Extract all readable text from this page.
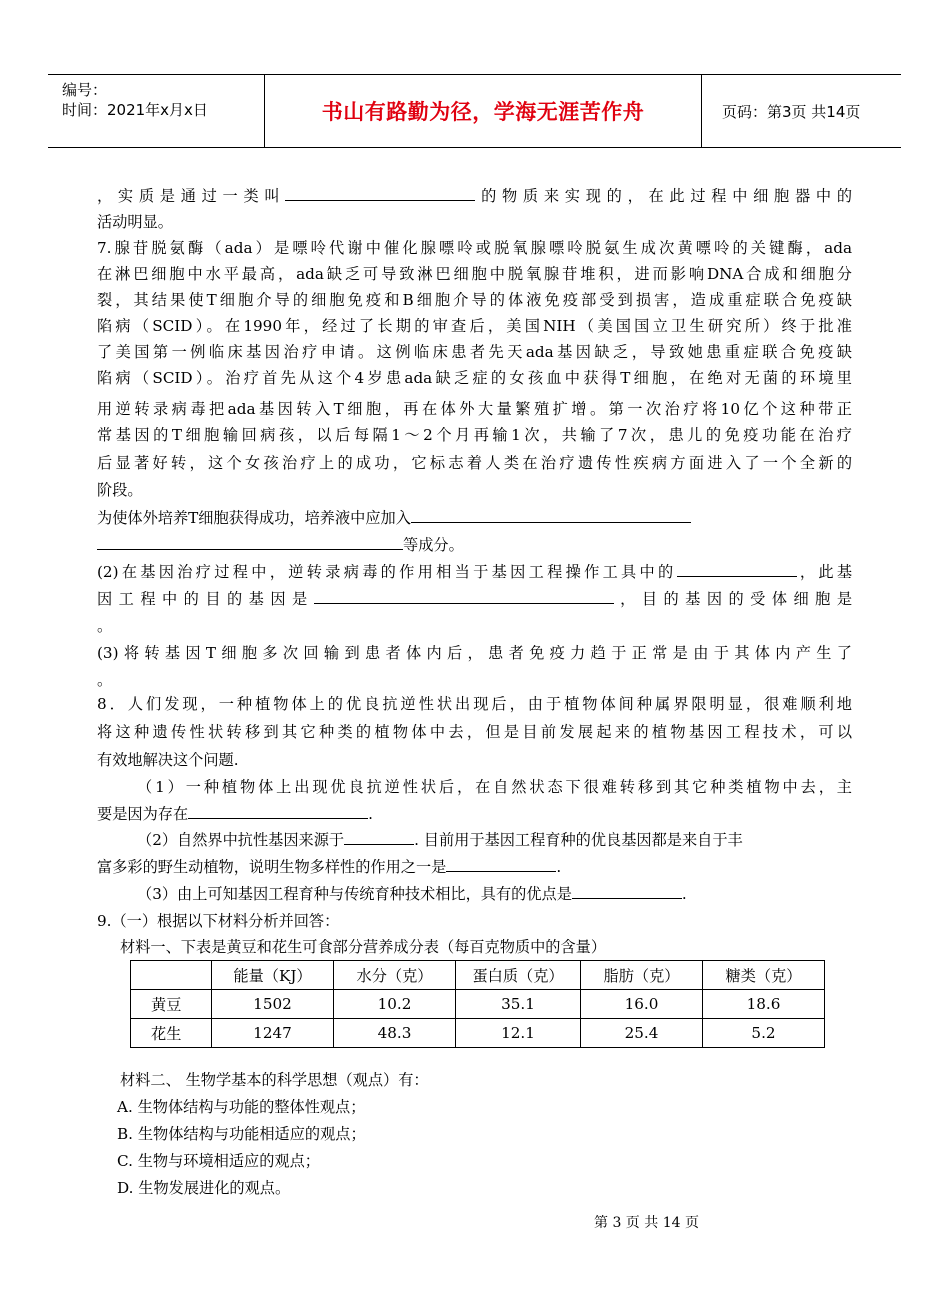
编号：
时间：2021年x月x日	书山有路勤为径，学海无涯苦作舟	页码：第3页 共14页
，实质是通过一类叫	的物质来实现的，在此过程中细胞器中的
活动明显。
7.腺苷脱氨酶（ada）是嘌呤代谢中催化腺嘌呤或脱氧腺嘌呤脱氨生成次黄嘌呤的关键酶，ada
在淋巴细胞中水平最高，ada缺乏可导致淋巴细胞中脱氧腺苷堆积，进而影响DNA合成和细胞分
裂，其结果使T细胞介导的细胞免疫和B细胞介导的体液免疫部受到损害，造成重症联合免疫缺
陷病（SCID）。在1990年，经过了长期的审查后，美国NIH（美国国立卫生研究所）终于批准
了美国第一例临床基因治疗申请。这例临床患者先天ada基因缺乏，导致她患重症联合免疫缺
陷病（SCID）。治疗首先从这个4岁患ada缺乏症的女孩血中获得T细胞，在绝对无菌的环境里
用逆转录病毒把ada基因转入T细胞，再在体外大量繁殖扩增。第一次治疗将10亿个这种带正
常基因的T细胞输回病孩，以后每隔1～2个月再输1次，共输了7次，患儿的免疫功能在治疗
后显著好转，这个女孩治疗上的成功，它标志着人类在治疗遗传性疾病方面进入了一个全新的
阶段。
为使体外培养T细胞获得成功，培养液中应加入
等成分。
(2)在基因治疗过程中，逆转录病毒的作用相当于基因工程操作工具中的	，此基
因工程中的目的基因是	，目的基因的受体细胞是
。
(3)将转基因T细胞多次回输到患者体内后，患者免疫力趋于正常是由于其体内产生了
。
8．人们发现，一种植物体上的优良抗逆性状出现后，由于植物体间种属界限明显，很难顺利地
将这种遗传性状转移到其它种类的植物体中去，但是目前发展起来的植物基因工程技术，可以
有效地解决这个问题.
（1）一种植物体上出现优良抗逆性状后，在自然状态下很难转移到其它种类植物中去，主
要是因为存在	.
（2）自然界中抗性基因来源于	. 目前用于基因工程育种的优良基因都是来自于丰
富多彩的野生动植物，说明生物多样性的作用之一是	.
（3）由上可知基因工程育种与传统育种技术相比，具有的优点是	.
9.（一）根据以下材料分析并回答：
材料一、下表是黄豆和花生可食部分营养成分表（每百克物质中的含量）
	能量（KJ）	水分（克）	蛋白质（克）	脂肪（克）	糖类（克）
黄豆	1502	10.2	35.1	16.0	18.6
花生	1247	48.3	12.1	25.4	5.2
材料二、 生物学基本的科学思想（观点）有：
A. 生物体结构与功能的整体性观点；
B. 生物体结构与功能相适应的观点；
C. 生物与环境相适应的观点；
D. 生物发展进化的观点。
第 3 页 共 14 页
